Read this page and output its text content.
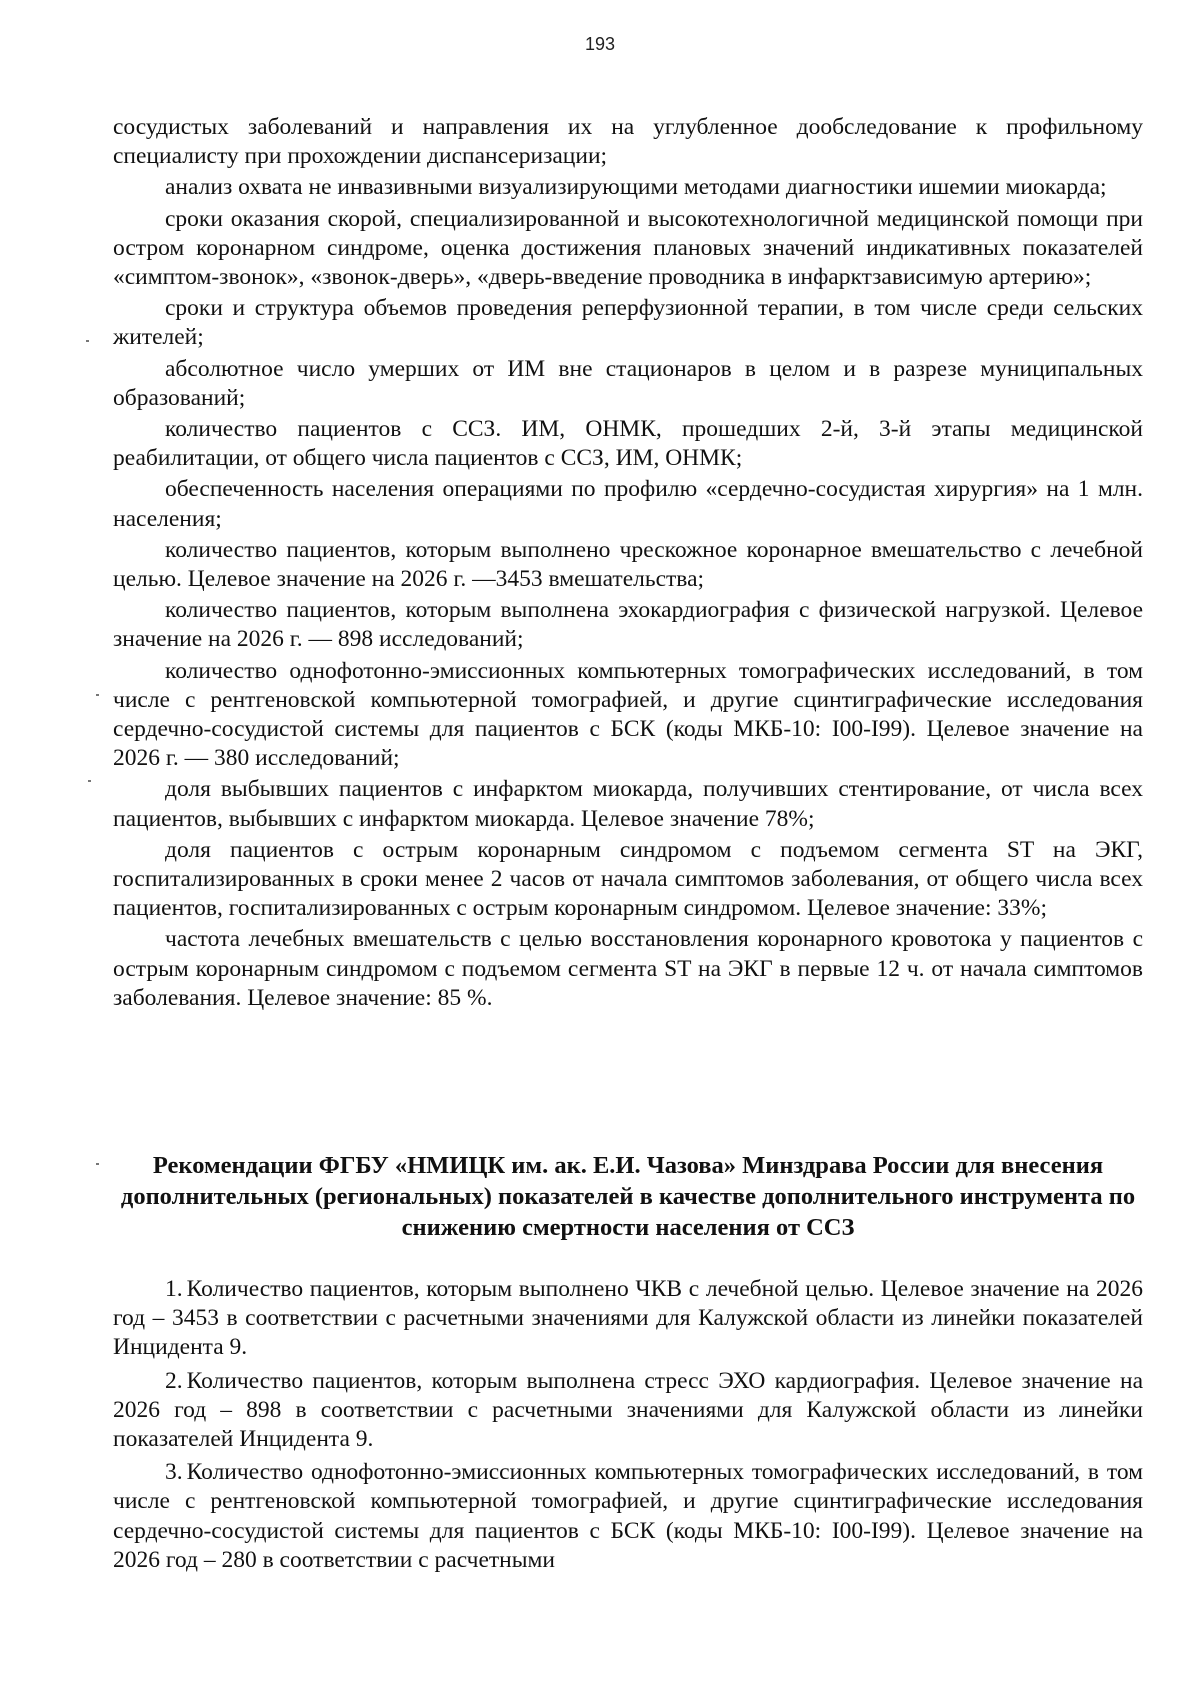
193

сосудистых заболеваний и направления их на углубленное дообследование к профильному специалисту при прохождении диспансеризации;

анализ охвата не инвазивными визуализирующими методами диагностики ишемии миокарда;

сроки оказания скорой, специализированной и высокотехнологичной медицинской помощи при остром коронарном синдроме, оценка достижения плановых значений индикативных показателей «симптом-звонок», «звонок-дверь», «дверь-введение проводника в инфарктзависимую артерию»;

сроки и структура объемов проведения реперфузионной терапии, в том числе среди сельских жителей;

абсолютное число умерших от ИМ вне стационаров в целом и в разрезе муниципальных образований;

количество пациентов с ССЗ. ИМ, ОНМК, прошедших 2-й, 3-й этапы медицинской реабилитации, от общего числа пациентов с ССЗ, ИМ, ОНМК;

обеспеченность населения операциями по профилю «сердечно-сосудистая хирургия» на 1 млн. населения;

количество пациентов, которым выполнено чрескожное коронарное вмешательство с лечебной целью. Целевое значение на 2026 г. —3453 вмешательства;

количество пациентов, которым выполнена эхокардиография с физической нагрузкой. Целевое значение на 2026 г. — 898 исследований;

количество однофотонно-эмиссионных компьютерных томографических исследований, в том числе с рентгеновской компьютерной томографией, и другие сцинтиграфические исследования сердечно-сосудистой системы для пациентов с БСК (коды МКБ-10: I00-I99). Целевое значение на 2026 г. — 380 исследований;

доля выбывших пациентов с инфарктом миокарда, получивших стентирование, от числа всех пациентов, выбывших с инфарктом миокарда. Целевое значение 78%;

доля пациентов с острым коронарным синдромом с подъемом сегмента ST на ЭКГ, госпитализированных в сроки менее 2 часов от начала симптомов заболевания, от общего числа всех пациентов, госпитализированных с острым коронарным синдромом. Целевое значение: 33%;

частота лечебных вмешательств с целью восстановления коронарного кровотока у пациентов с острым коронарным синдромом с подъемом сегмента ST на ЭКГ в первые 12 ч. от начала симптомов заболевания. Целевое значение: 85 %.

Рекомендации ФГБУ «НМИЦК им. ак. Е.И. Чазова» Минздрава России для внесения дополнительных (региональных) показателей в качестве дополнительного инструмента по снижению смертности населения от ССЗ

1. Количество пациентов, которым выполнено ЧКВ с лечебной целью. Целевое значение на 2026 год – 3453 в соответствии с расчетными значениями для Калужской области из линейки показателей Инцидента 9.

2. Количество пациентов, которым выполнена стресс ЭХО кардиография. Целевое значение на 2026 год – 898 в соответствии с расчетными значениями для Калужской области из линейки показателей Инцидента 9.

3. Количество однофотонно-эмиссионных компьютерных томографических исследований, в том числе с рентгеновской компьютерной томографией, и другие сцинтиграфические исследования сердечно-сосудистой системы для пациентов с БСК (коды МКБ-10: I00-I99). Целевое значение на 2026 год – 280 в соответствии с расчетными
